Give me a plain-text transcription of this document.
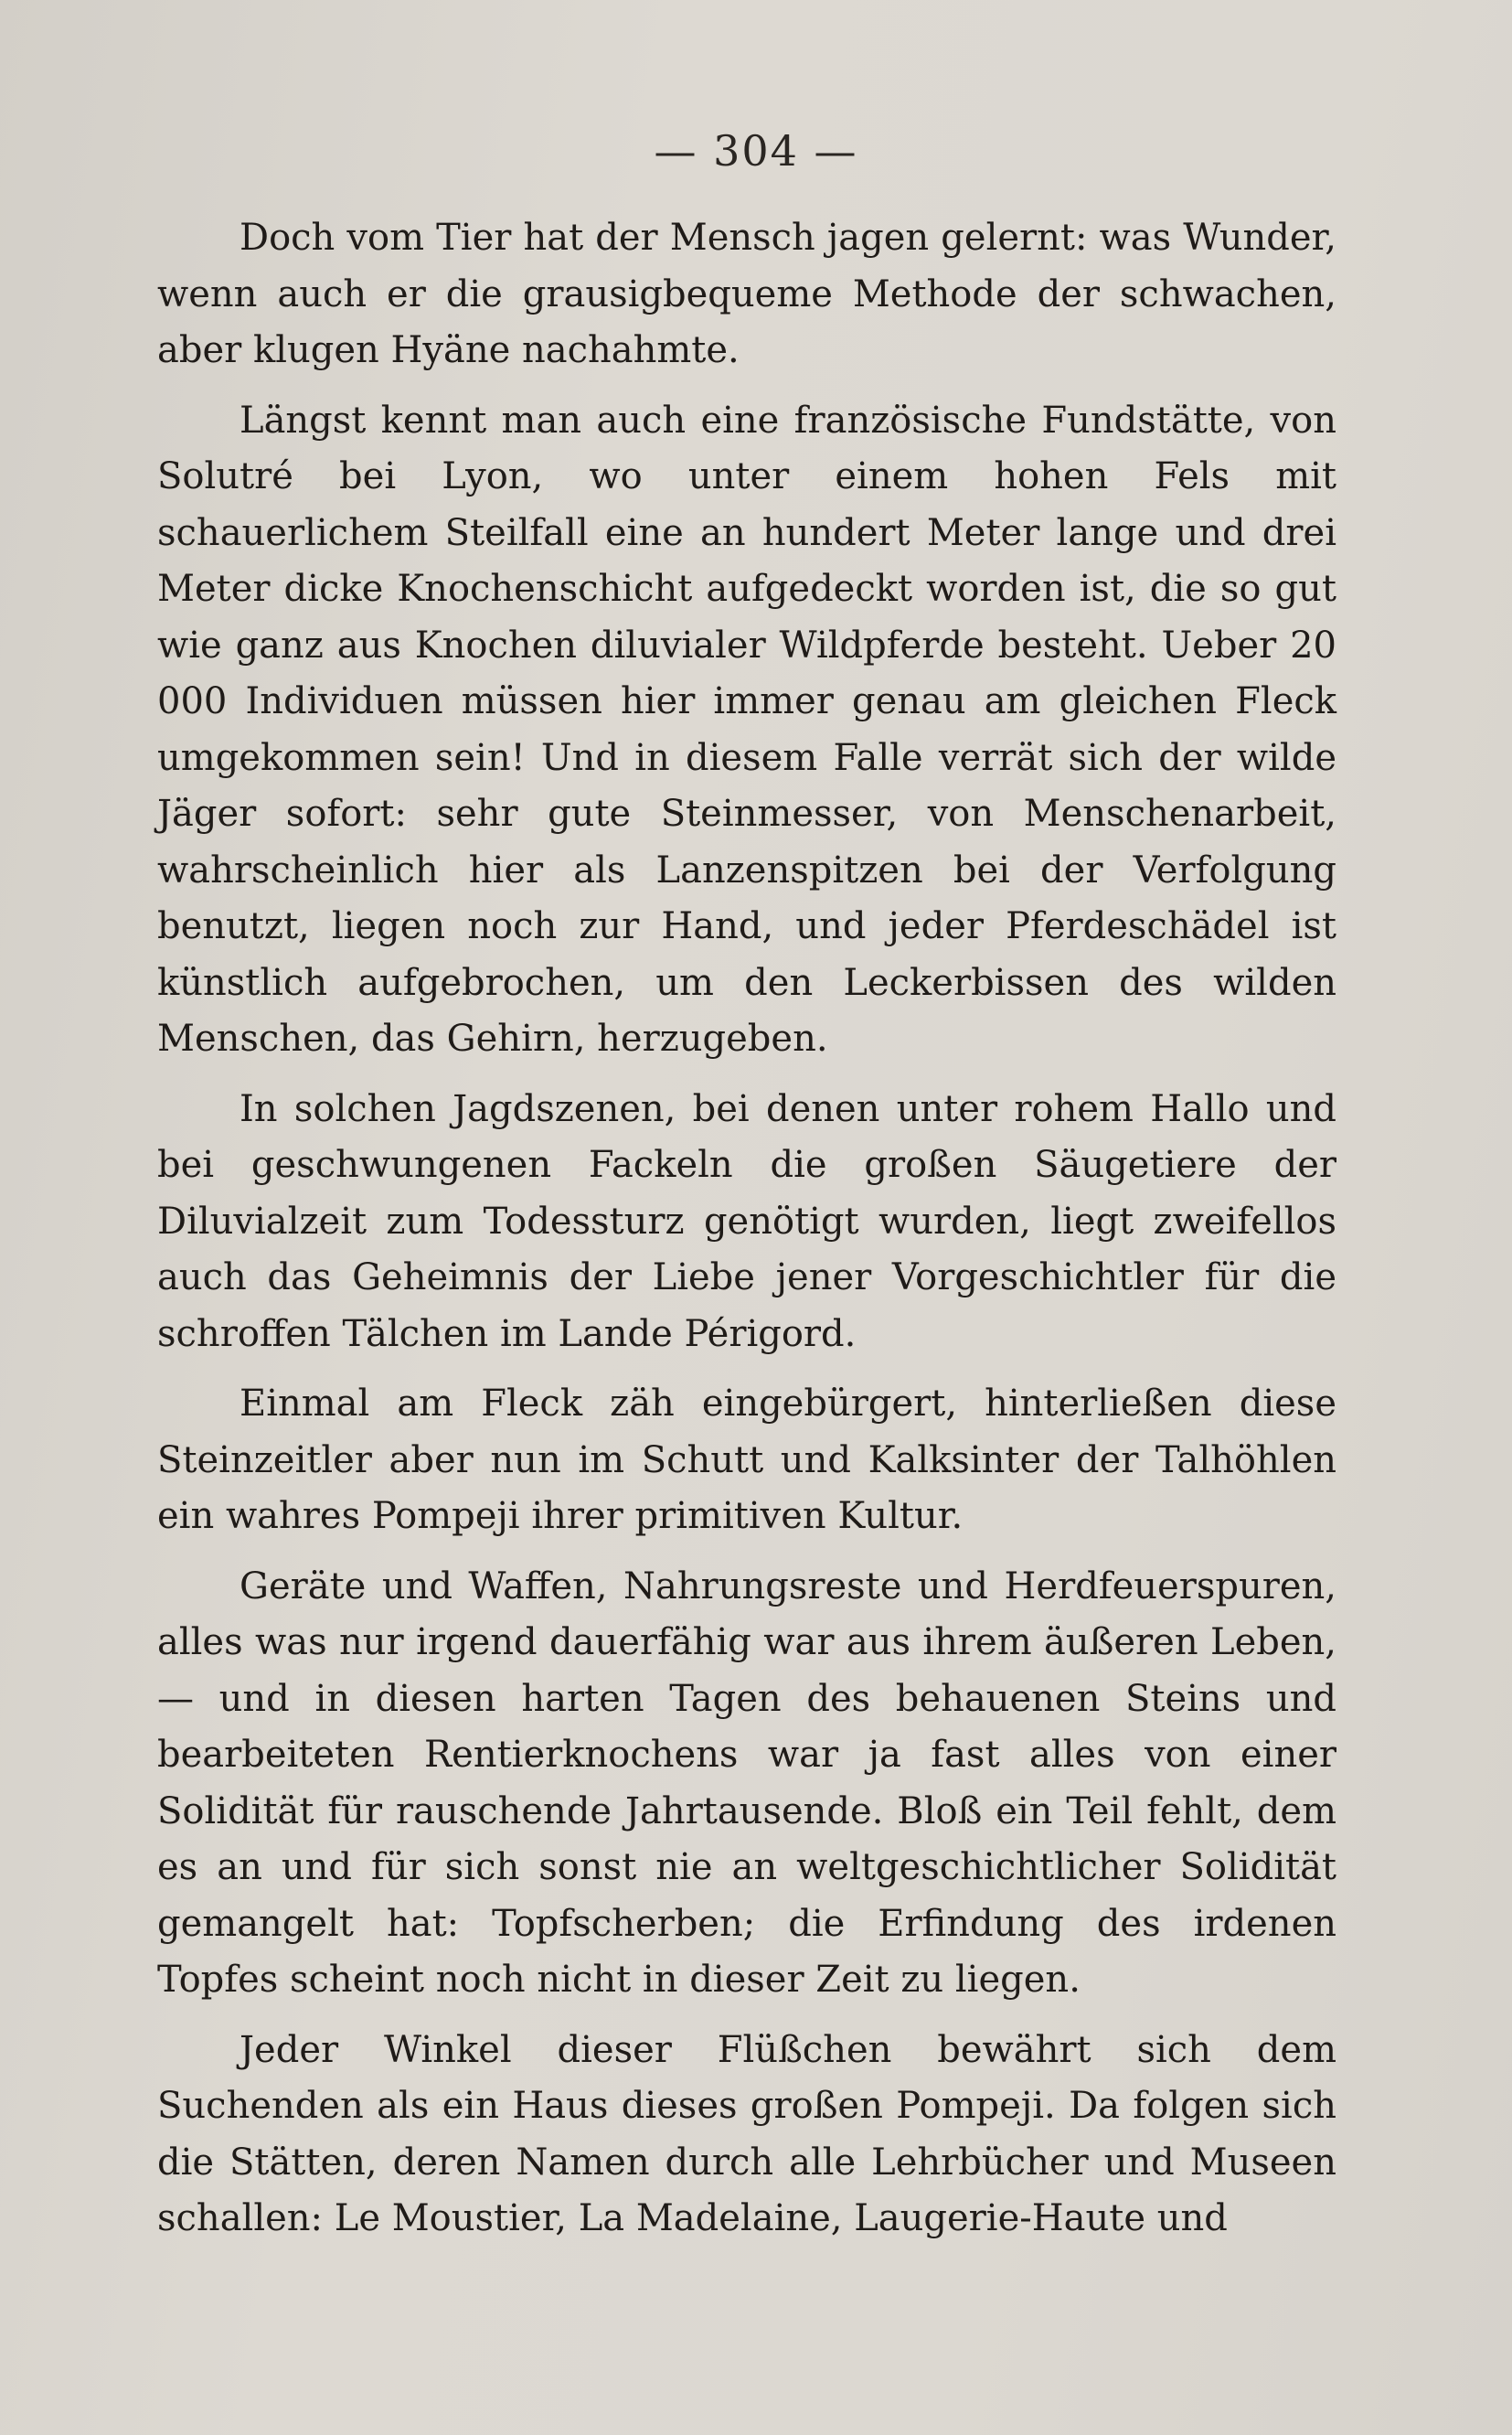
— 304 —

Doch vom Tier hat der Mensch jagen gelernt: was Wunder, wenn auch er die grausigbequeme Methode der schwachen, aber klugen Hyäne nachahmte.

Längst kennt man auch eine französische Fundstätte, von Solutré bei Lyon, wo unter einem hohen Fels mit schauerlichem Steilfall eine an hundert Meter lange und drei Meter dicke Knochenschicht aufgedeckt worden ist, die so gut wie ganz aus Knochen diluvialer Wildpferde besteht. Ueber 20 000 Individuen müssen hier immer genau am gleichen Fleck umgekommen sein! Und in diesem Falle verrät sich der wilde Jäger sofort: sehr gute Steinmesser, von Menschenarbeit, wahrscheinlich hier als Lanzenspitzen bei der Verfolgung benutzt, liegen noch zur Hand, und jeder Pferdeschädel ist künstlich aufgebrochen, um den Leckerbissen des wilden Menschen, das Gehirn, herzugeben.

In solchen Jagdszenen, bei denen unter rohem Hallo und bei geschwungenen Fackeln die großen Säugetiere der Diluvialzeit zum Todessturz genötigt wurden, liegt zweifellos auch das Geheimnis der Liebe jener Vorgeschichtler für die schroffen Tälchen im Lande Périgord.

Einmal am Fleck zäh eingebürgert, hinterließen diese Steinzeitler aber nun im Schutt und Kalksinter der Talhöhlen ein wahres Pompeji ihrer primitiven Kultur.

Geräte und Waffen, Nahrungsreste und Herdfeuerspuren, alles was nur irgend dauerfähig war aus ihrem äußeren Leben, — und in diesen harten Tagen des behauenen Steins und bearbeiteten Rentierknochens war ja fast alles von einer Solidität für rauschende Jahrtausende. Bloß ein Teil fehlt, dem es an und für sich sonst nie an weltgeschichtlicher Solidität gemangelt hat: Topfscherben; die Erfindung des irdenen Topfes scheint noch nicht in dieser Zeit zu liegen.

Jeder Winkel dieser Flüßchen bewährt sich dem Suchenden als ein Haus dieses großen Pompeji. Da folgen sich die Stätten, deren Namen durch alle Lehrbücher und Museen schallen: Le Moustier, La Madelaine, Laugerie-Haute und
